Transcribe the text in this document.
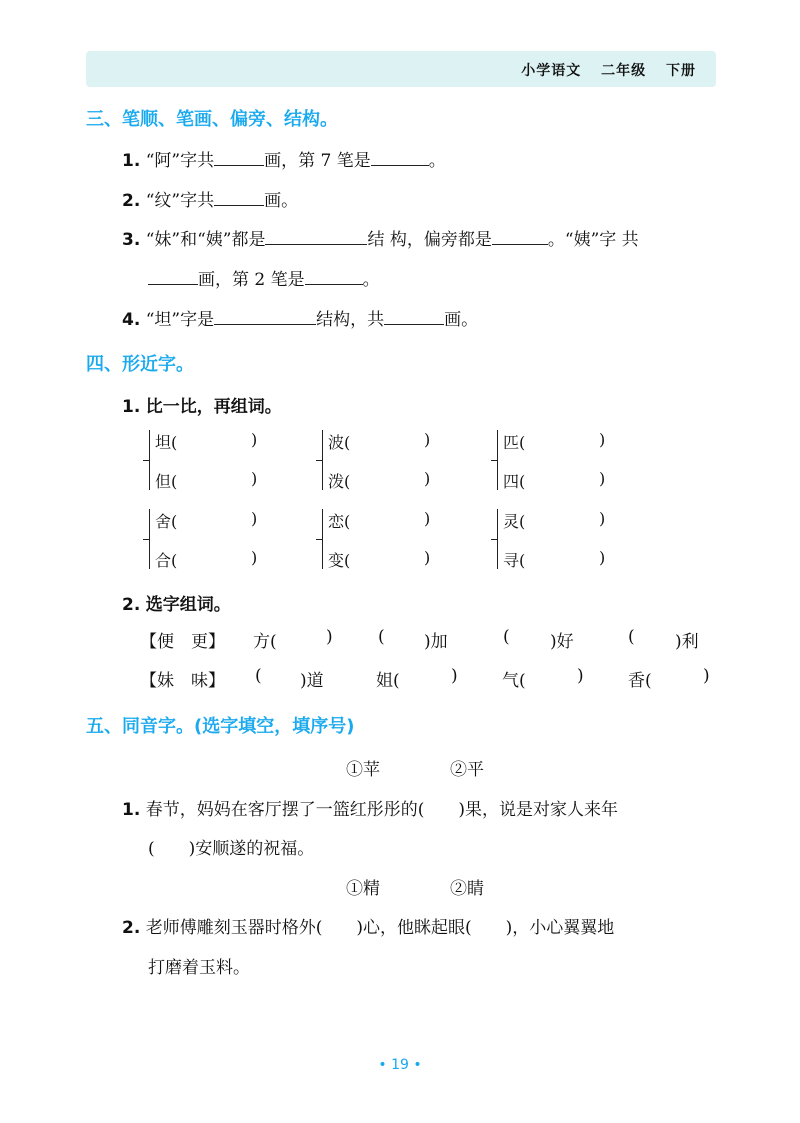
小学语文 二年级 下册
三、笔顺、笔画、偏旁、结构。
1. “阿”字共	画，第 7 笔是	。
2. “纹”字共	画。
3. “妹”和“姨”都是	结 构，偏旁都是	。“姨”字 共
画，第 2 笔是	。
4. “坦”字是	结构，共	画。
四、形近字。
1. 比一比，再组词。
坦(	)
但(	)
波(	)
泼(	)
匹(	)
四(	)
舍(	)
合(	)
恋(	)
变(	)
灵(	)
寻(	)
2. 选字组词。
【便　更】 方(	)	( )加	( )好	( )利
【妹　味】 ( )道	姐(	)	气(	)	香(	)
五、同音字。(选字填空，填序号)
①苹	②平
1. 春节，妈妈在客厅摆了一篮红彤彤的(　　)果，说是对家人来年
(　　)安顺遂的祝福。
①精	②睛
2. 老师傅雕刻玉器时格外(　　)心，他眯起眼(　　)，小心翼翼地
打磨着玉料。
• 19 •
